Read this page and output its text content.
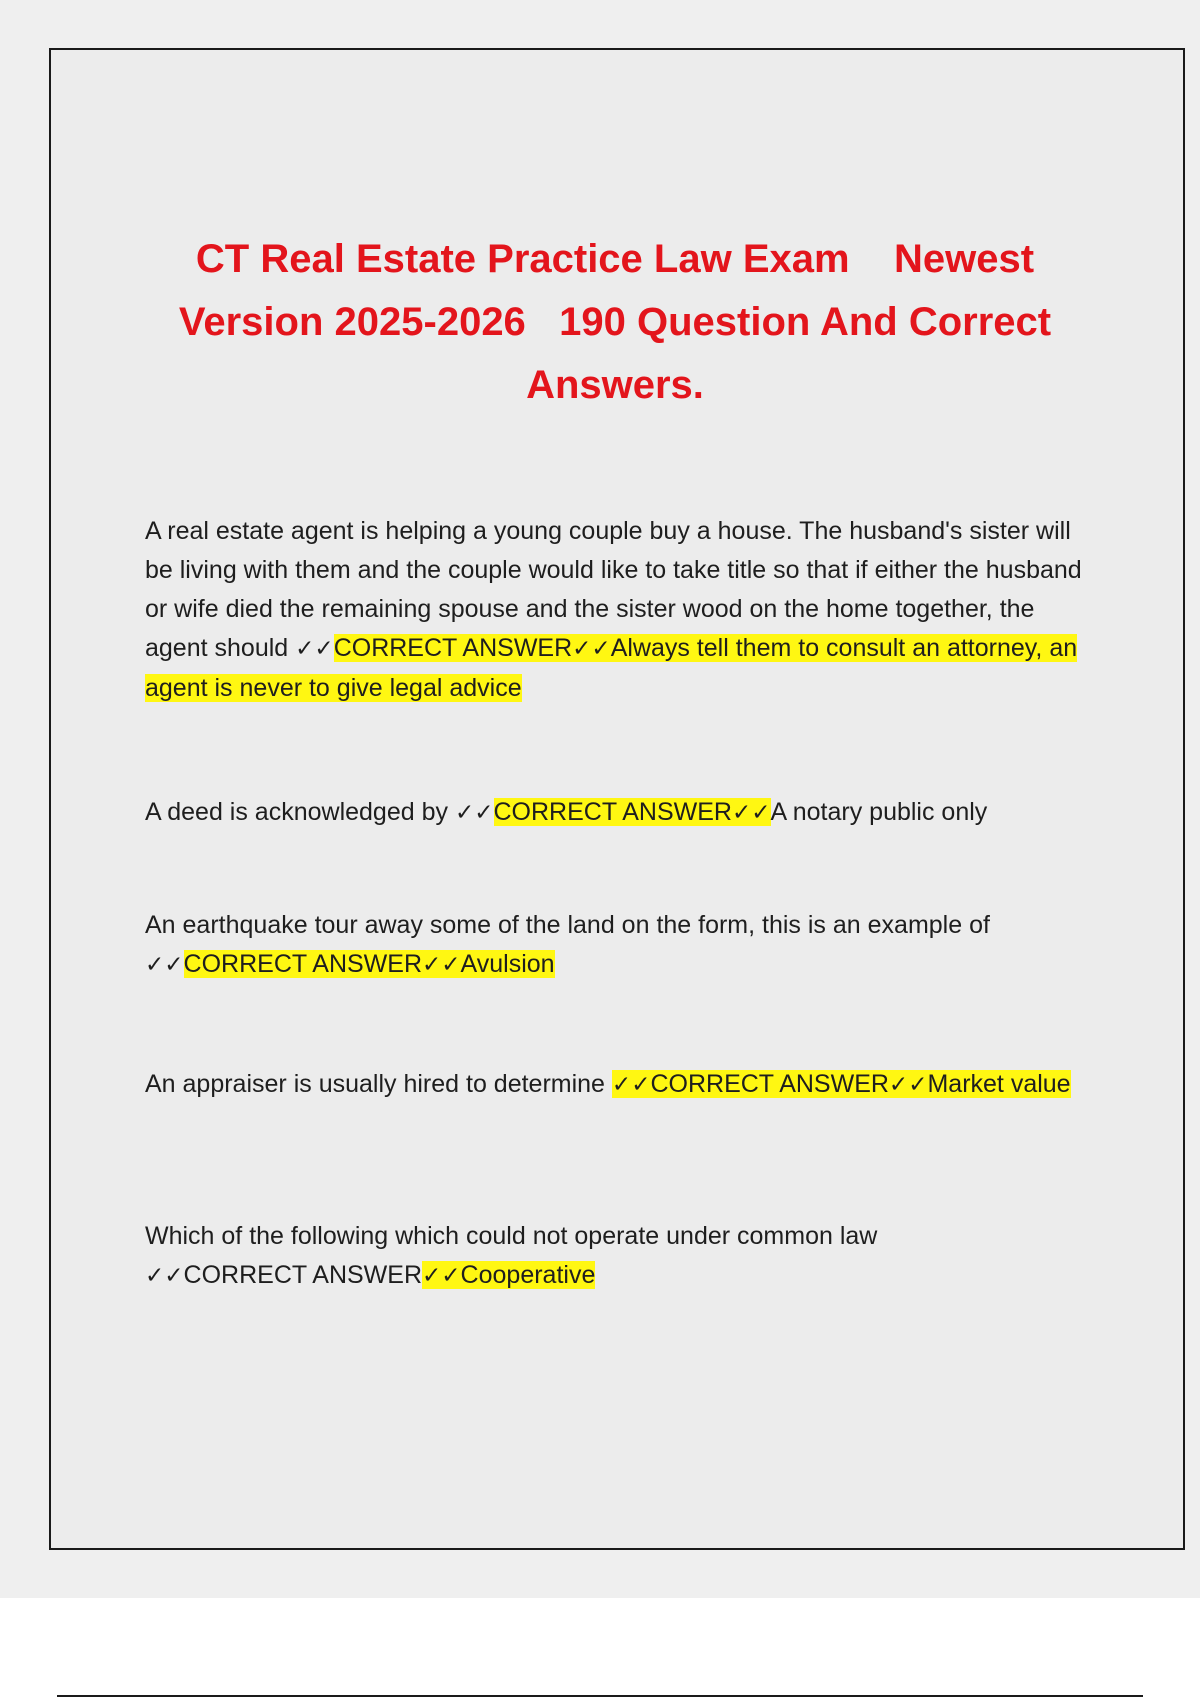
CT Real Estate Practice Law Exam    Newest
Version 2025-2026   190 Question And Correct
Answers.

A real estate agent is helping a young couple buy a house. The husband's sister will be living with them and the couple would like to take title so that if either the husband or wife died the remaining spouse and the sister wood on the home together, the agent should ✓✓CORRECT ANSWER✓✓Always tell them to consult an attorney, an agent is never to give legal advice

A deed is acknowledged by ✓✓CORRECT ANSWER✓✓A notary public only

An earthquake tour away some of the land on the form, this is an example of
✓✓CORRECT ANSWER✓✓Avulsion

An appraiser is usually hired to determine ✓✓CORRECT ANSWER✓✓Market value

Which of the following which could not operate under common law
✓✓CORRECT ANSWER✓✓Cooperative
